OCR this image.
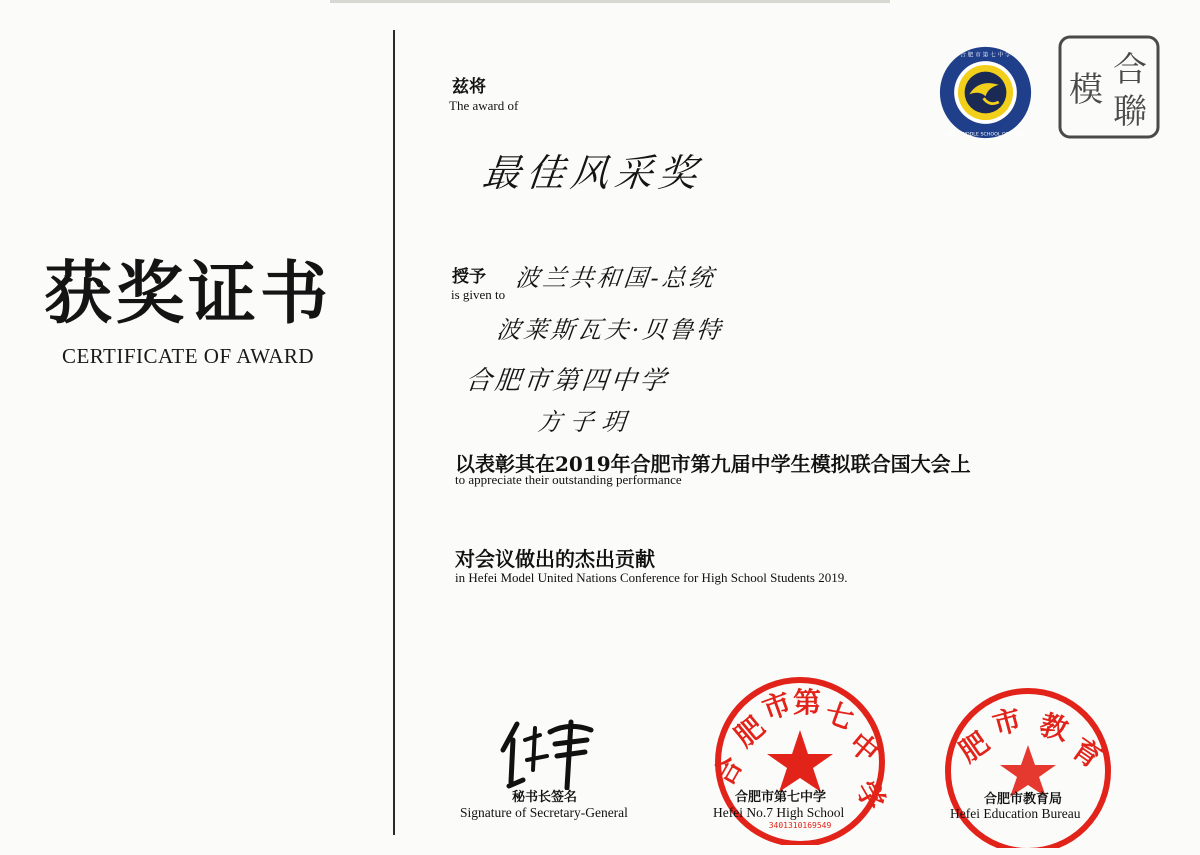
获奖证书
CERTIFICATE OF AWARD
兹将
The award of
最佳风采奖
授予
is given to
波兰共和国-总统
波莱斯瓦夫·贝鲁特
合肥市第四中学
方子玥
以表彰其在2019年合肥市第九届中学生模拟联合国大会上
to appreciate their outstanding performance
对会议做出的杰出贡献
in Hefei Model United Nations Conference for High School Students 2019.
合 肥 市 第 七 中 学
NO.7 MIDDLE SCHOOL OF HEFEI
合
聯
模
肥
市
第 七
中
合
学
3401310169549
肥
市 教
育
秘书长签名
Signature of Secretary-General
合肥市第七中学
Hefei No.7 High School
合肥市教育局
Hefei Education Bureau
